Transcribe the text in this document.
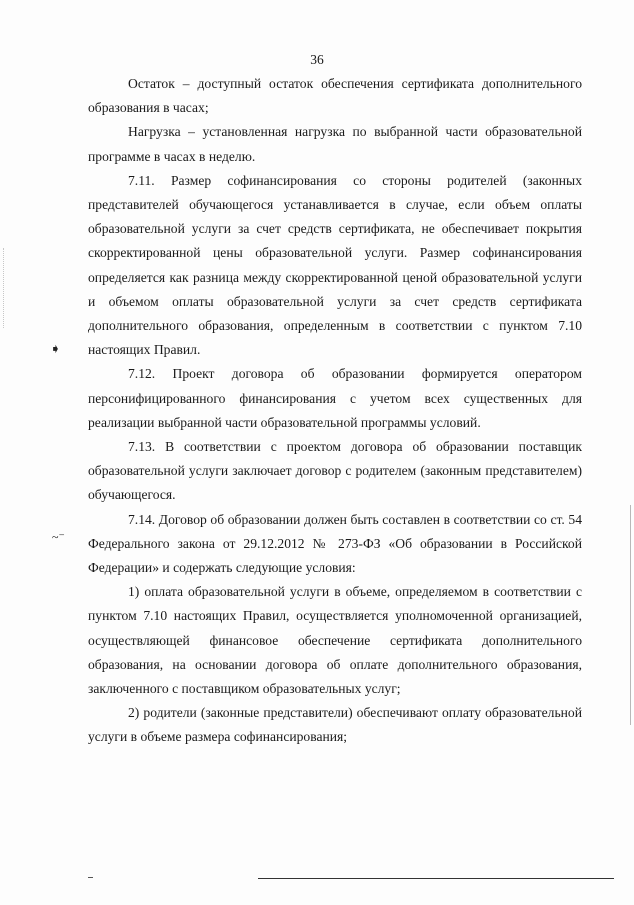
36

Остаток – доступный остаток обеспечения сертификата дополнительного образования в часах;

Нагрузка – установленная нагрузка по выбранной части образовательной программе в часах в неделю.

7.11. Размер софинансирования со стороны родителей (законных представителей обучающегося устанавливается в случае, если объем оплаты образовательной услуги за счет средств сертификата, не обеспечивает покрытия скорректированной цены образовательной услуги. Размер софинансирования определяется как разница между скорректированной ценой образовательной услуги и объемом оплаты образовательной услуги за счет средств сертификата дополнительного образования, определенным в соответствии с пунктом 7.10 настоящих Правил.

7.12. Проект договора об образовании формируется оператором персонифицированного финансирования с учетом всех существенных для реализации выбранной части образовательной программы условий.

7.13. В соответствии с проектом договора об образовании поставщик образовательной услуги заключает договор с родителем (законным представителем) обучающегося.

7.14. Договор об образовании должен быть составлен в соответствии со ст. 54 Федерального закона от 29.12.2012 № 273-ФЗ «Об образовании в Российской Федерации» и содержать следующие условия:

1) оплата образовательной услуги в объеме, определяемом в соответствии с пунктом 7.10 настоящих Правил, осуществляется уполномоченной организацией, осуществляющей финансовое обеспечение сертификата дополнительного образования, на основании договора об оплате дополнительного образования, заключенного с поставщиком образовательных услуг;

2) родители (законные представители) обеспечивают оплату образовательной услуги в объеме размера софинансирования;

➧
~⁻
